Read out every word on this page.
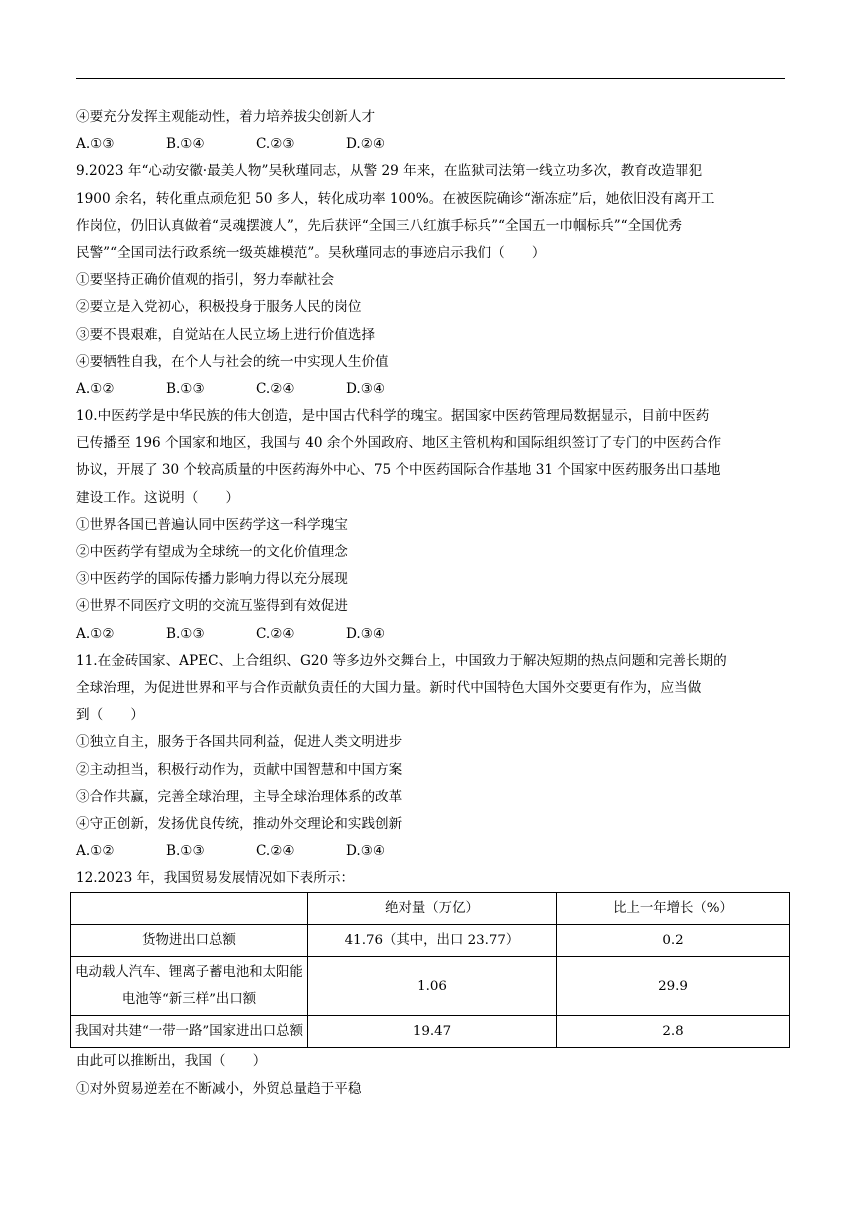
④要充分发挥主观能动性，着力培养拔尖创新人才
A.①③	B.①④	C.②③	D.②④
9.2023 年“心动安徽·最美人物”吴秋瑾同志，从警 29 年来，在监狱司法第一线立功多次，教育改造罪犯
1900 余名，转化重点顽危犯 50 多人，转化成功率 100%。在被医院确诊“渐冻症”后，她依旧没有离开工
作岗位，仍旧认真做着“灵魂摆渡人”，先后获评“全国三八红旗手标兵”“全国五一巾帼标兵”“全国优秀
民警”“全国司法行政系统一级英雄模范”。吴秋瑾同志的事迹启示我们（　　）
①要坚持正确价值观的指引，努力奉献社会
②要立是入党初心，积极投身于服务人民的岗位
③要不畏艰难，自觉站在人民立场上进行价值选择
④要牺牲自我，在个人与社会的统一中实现人生价值
A.①②	B.①③	C.②④	D.③④
10.中医药学是中华民族的伟大创造，是中国古代科学的瑰宝。据国家中医药管理局数据显示，目前中医药
已传播至 196 个国家和地区，我国与 40 余个外国政府、地区主管机构和国际组织签订了专门的中医药合作
协议，开展了 30 个较高质量的中医药海外中心、75 个中医药国际合作基地 31 个国家中医药服务出口基地
建设工作。这说明（　　）
①世界各国已普遍认同中医药学这一科学瑰宝
②中医药学有望成为全球统一的文化价值理念
③中医药学的国际传播力影响力得以充分展现
④世界不同医疗文明的交流互鉴得到有效促进
A.①②	B.①③	C.②④	D.③④
11.在金砖国家、APEC、上合组织、G20 等多边外交舞台上，中国致力于解决短期的热点问题和完善长期的
全球治理，为促进世界和平与合作贡献负责任的大国力量。新时代中国特色大国外交要更有作为，应当做
到（　　）
①独立自主，服务于各国共同利益，促进人类文明进步
②主动担当，积极行动作为，贡献中国智慧和中国方案
③合作共赢，完善全球治理，主导全球治理体系的改革
④守正创新，发扬优良传统，推动外交理论和实践创新
A.①②	B.①③	C.②④	D.③④
12.2023 年，我国贸易发展情况如下表所示：
	绝对量（万亿）	比上一年增长（%）
货物进出口总额	41.76（其中，出口 23.77）	0.2
电动载人汽车、锂离子蓄电池和太阳能电池等“新三样”出口额	1.06	29.9
我国对共建“一带一路”国家进出口总额	19.47	2.8
由此可以推断出，我国（　　）
①对外贸易逆差在不断减小，外贸总量趋于平稳
